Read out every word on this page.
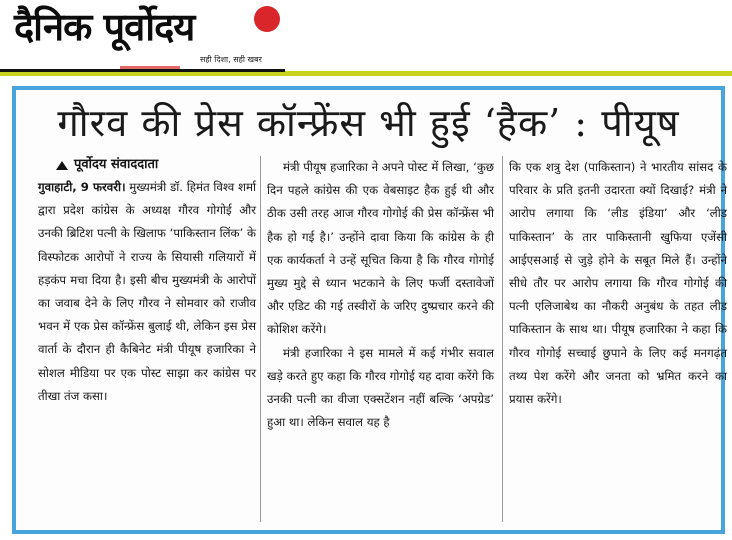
दैनिक पूर्वोदय
सही दिशा, सही खबर
गौरव की प्रेस कॉन्फ्रेंस भी हुई ‘हैक’ : पीयूष
पूर्वोदय संवाददाता

गुवाहाटी, 9 फरवरी। मुख्यमंत्री डॉ. हिमंत विश्व शर्मा द्वारा प्रदेश कांग्रेस के अध्यक्ष गौरव गोगोई और उनकी ब्रिटिश पत्नी के खिलाफ ‘पाकिस्तान लिंक’ के विस्फोटक आरोपों ने राज्य के सियासी गलियारों में हड़कंप मचा दिया है। इसी बीच मुख्यमंत्री के आरोपों का जवाब देने के लिए गौरव ने सोमवार को राजीव भवन में एक प्रेस कॉन्फ्रेंस बुलाई थी, लेकिन इस प्रेस वार्ता के दौरान ही कैबिनेट मंत्री पीयूष हजारिका ने सोशल मीडिया पर एक पोस्ट साझा कर कांग्रेस पर तीखा तंज कसा।

मंत्री पीयूष हजारिका ने अपने पोस्ट में लिखा, ‘कुछ दिन पहले कांग्रेस की एक वेबसाइट हैक हुई थी और ठीक उसी तरह आज गौरव गोगोई की प्रेस कॉन्फ्रेंस भी हैक हो गई है।’ उन्होंने दावा किया कि कांग्रेस के ही एक कार्यकर्ता ने उन्हें सूचित किया है कि गौरव गोगोई मुख्य मुद्दे से ध्यान भटकाने के लिए फर्जी दस्तावेजों और एडिट की गई तस्वीरों के जरिए दुष्प्रचार करने की कोशिश करेंगे।

मंत्री हजारिका ने इस मामले में कई गंभीर सवाल खड़े करते हुए कहा कि गौरव गोगोई यह दावा करेंगे कि उनकी पत्नी का वीजा एक्सटेंशन नहीं बल्कि ‘अपग्रेड’ हुआ था। लेकिन सवाल यह है

कि एक शत्रु देश (पाकिस्तान) ने भारतीय सांसद के परिवार के प्रति इतनी उदारता क्यों दिखाई? मंत्री ने आरोप लगाया कि ‘लीड इंडिया’ और ‘लीड पाकिस्तान’ के तार पाकिस्तानी खुफिया एजेंसी आईएसआई से जुड़े होने के सबूत मिले हैं। उन्होंने सीधे तौर पर आरोप लगाया कि गौरव गोगोई की पत्नी एलिजाबेथ का नौकरी अनुबंध के तहत लीड पाकिस्तान के साथ था। पीयूष हजारिका ने कहा कि गौरव गोगोई सच्चाई छुपाने के लिए कई मनगढ़ंत तथ्य पेश करेंगे और जनता को भ्रमित करने का प्रयास करेंगे।
